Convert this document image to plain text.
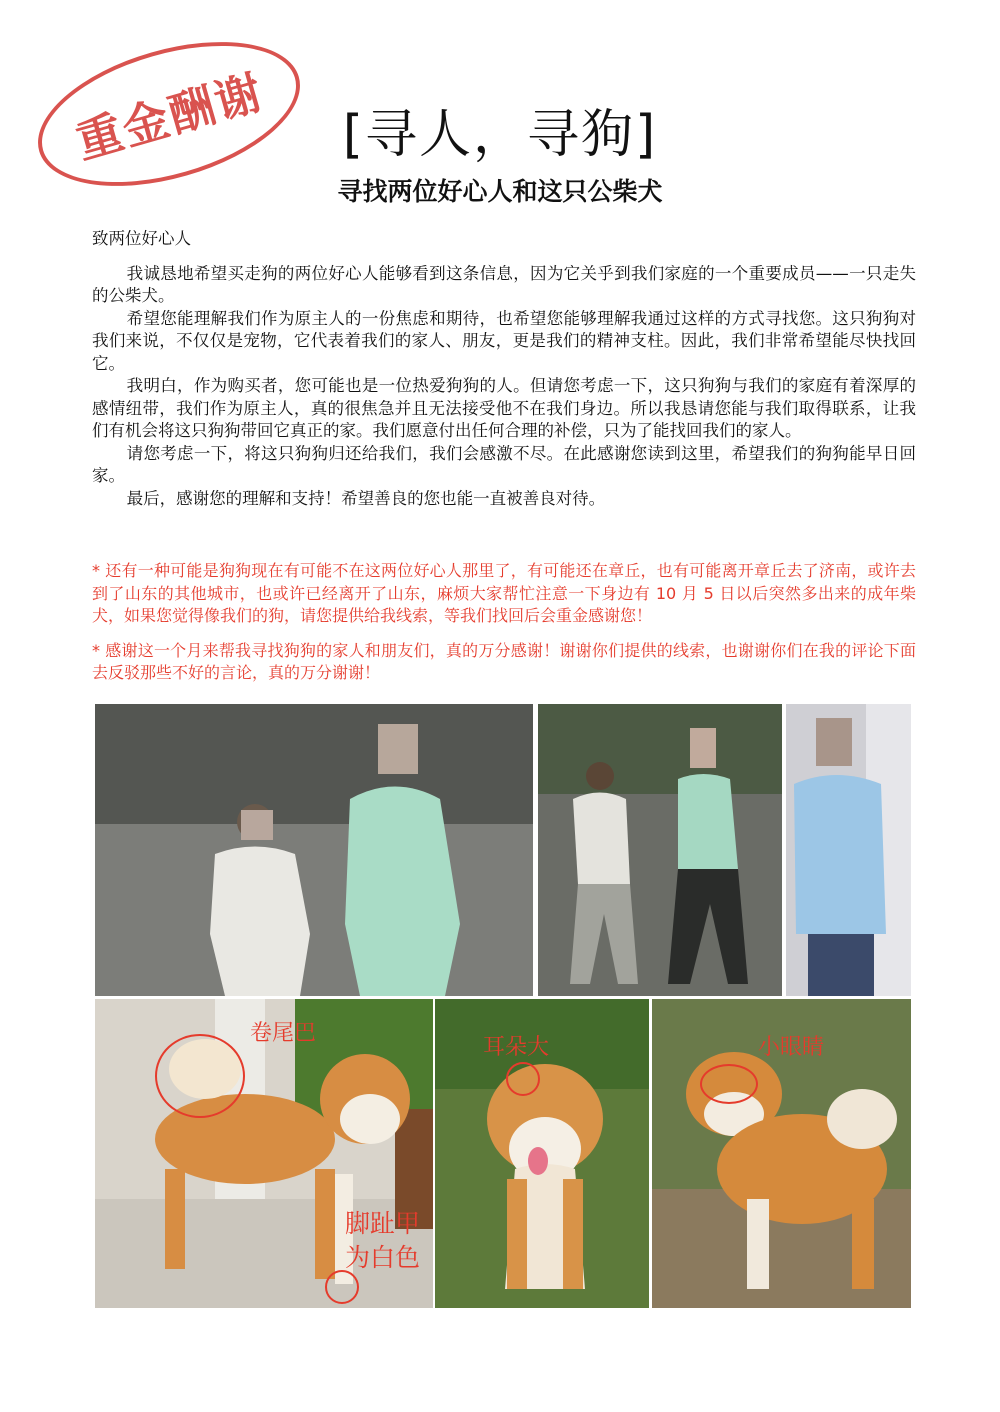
重金酬谢	[寻人，寻狗]
寻找两位好心人和这只公柴犬

致两位好心人

我诚恳地希望买走狗的两位好心人能够看到这条信息，因为它关乎到我们家庭的一个重要成员——一只走失的公柴犬。

希望您能理解我们作为原主人的一份焦虑和期待，也希望您能够理解我通过这样的方式寻找您。这只狗狗对我们来说，不仅仅是宠物，它代表着我们的家人、朋友，更是我们的精神支柱。因此，我们非常希望能尽快找回它。

我明白，作为购买者，您可能也是一位热爱狗狗的人。但请您考虑一下，这只狗狗与我们的家庭有着深厚的感情纽带，我们作为原主人，真的很焦急并且无法接受他不在我们身边。所以我恳请您能与我们取得联系，让我们有机会将这只狗狗带回它真正的家。我们愿意付出任何合理的补偿，只为了能找回我们的家人。

请您考虑一下，将这只狗狗归还给我们，我们会感激不尽。在此感谢您读到这里，希望我们的狗狗能早日回家。

最后，感谢您的理解和支持！希望善良的您也能一直被善良对待。

* 还有一种可能是狗狗现在有可能不在这两位好心人那里了，有可能还在章丘，也有可能离开章丘去了济南，或许去到了山东的其他城市，也或许已经离开了山东，麻烦大家帮忙注意一下身边有 10 月 5 日以后突然多出来的成年柴犬，如果您觉得像我们的狗，请您提供给我线索，等我们找回后会重金感谢您！

* 感谢这一个月来帮我寻找狗狗的家人和朋友们，真的万分感谢！谢谢你们提供的线索，也谢谢你们在我的评论下面去反驳那些不好的言论，真的万分谢谢！

卷尾巴
脚趾甲
为白色
耳朵大	小眼睛
